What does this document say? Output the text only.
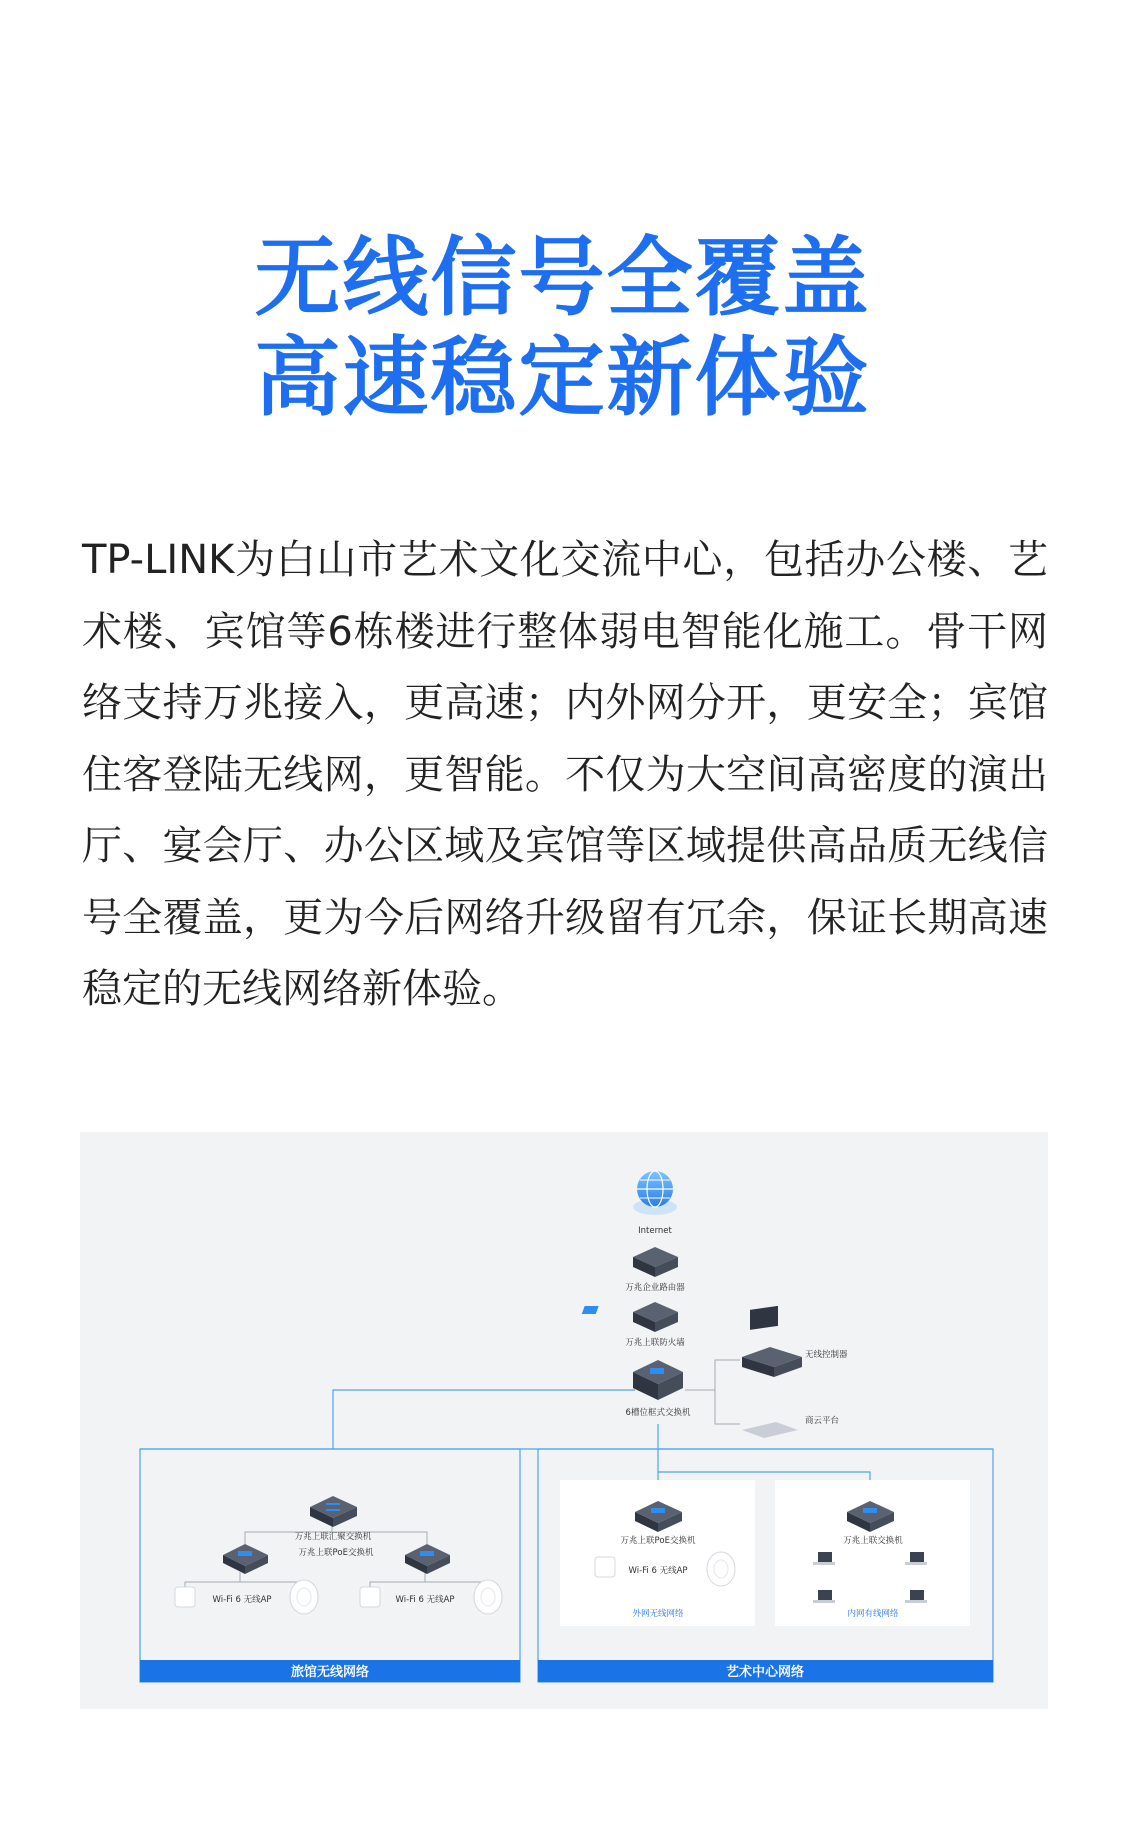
无线信号全覆盖
高速稳定新体验
TP-LINK为白山市艺术文化交流中心，包括办公楼、艺术楼、宾馆等6栋楼进行整体弱电智能化施工。骨干网络支持万兆接入，更高速；内外网分开，更安全；宾馆住客登陆无线网，更智能。不仅为大空间高密度的演出厅、宴会厅、办公区域及宾馆等区域提供高品质无线信号全覆盖，更为今后网络升级留有冗余，保证长期高速稳定的无线网络新体验。
Internet
万兆企业路由器
万兆上联防火墙
6槽位框式交换机
无线控制器
商云平台
万兆上联汇聚交换机
万兆上联PoE交换机
Wi-Fi 6 无线AP	Wi-Fi 6 无线AP
旅馆无线网络
万兆上联PoE交换机
Wi-Fi 6 无线AP
外网无线网络
万兆上联交换机
内网有线网络
艺术中心网络
